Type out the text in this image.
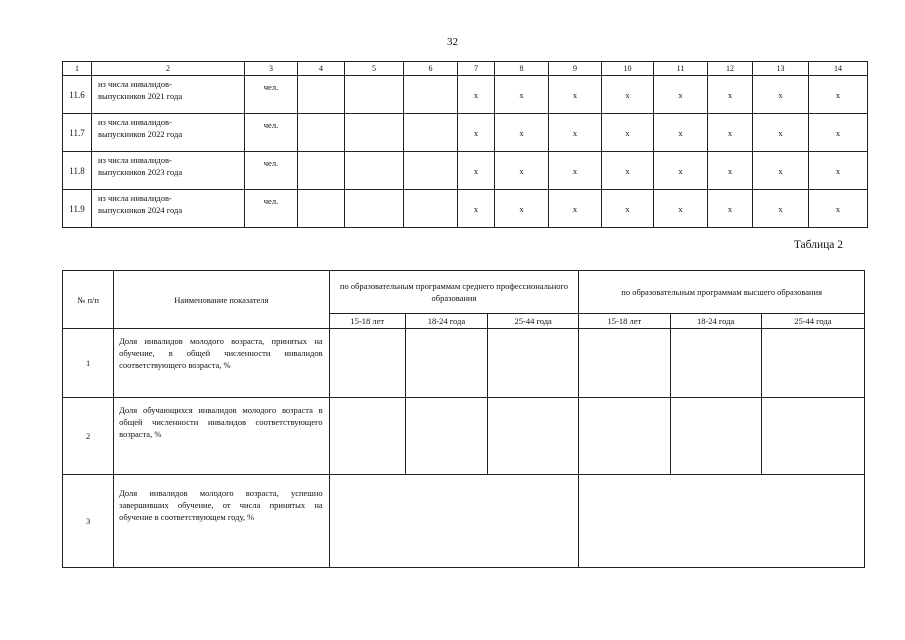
32
1	2	3	4	5	6	7	8	9	10	11	12	13	14
11.6	из числа инвалидов-
выпускников 2021 года	чел.				x	x	x	x	x	x	x	x
11.7	из числа инвалидов-
выпускников 2022 года	чел.				x	x	x	x	x	x	x	x
11.8	из числа инвалидов-
выпускников 2023 года	чел.				x	x	x	x	x	x	x	x
11.9	из числа инвалидов-
выпускников 2024 года	чел.				x	x	x	x	x	x	x	x
Таблица 2
№ п/п	Наименование показателя	по образовательным программам среднего профессионального образования			по образовательным программам высшего образования		
		15-18 лет	18-24 года	25-44 года	15-18 лет	18-24 года	25-44 года
1	Доля инвалидов молодого возраста, принятых на обучение, в общей численности инвалидов соответствующего возраста, %						
2	Доля обучающихся инвалидов молодого возраста в общей численности инвалидов соответствующего возраста, %						
3	Доля инвалидов молодого возраста, успешно завершивших обучение, от числа принятых на обучение в соответствующем году, %						
